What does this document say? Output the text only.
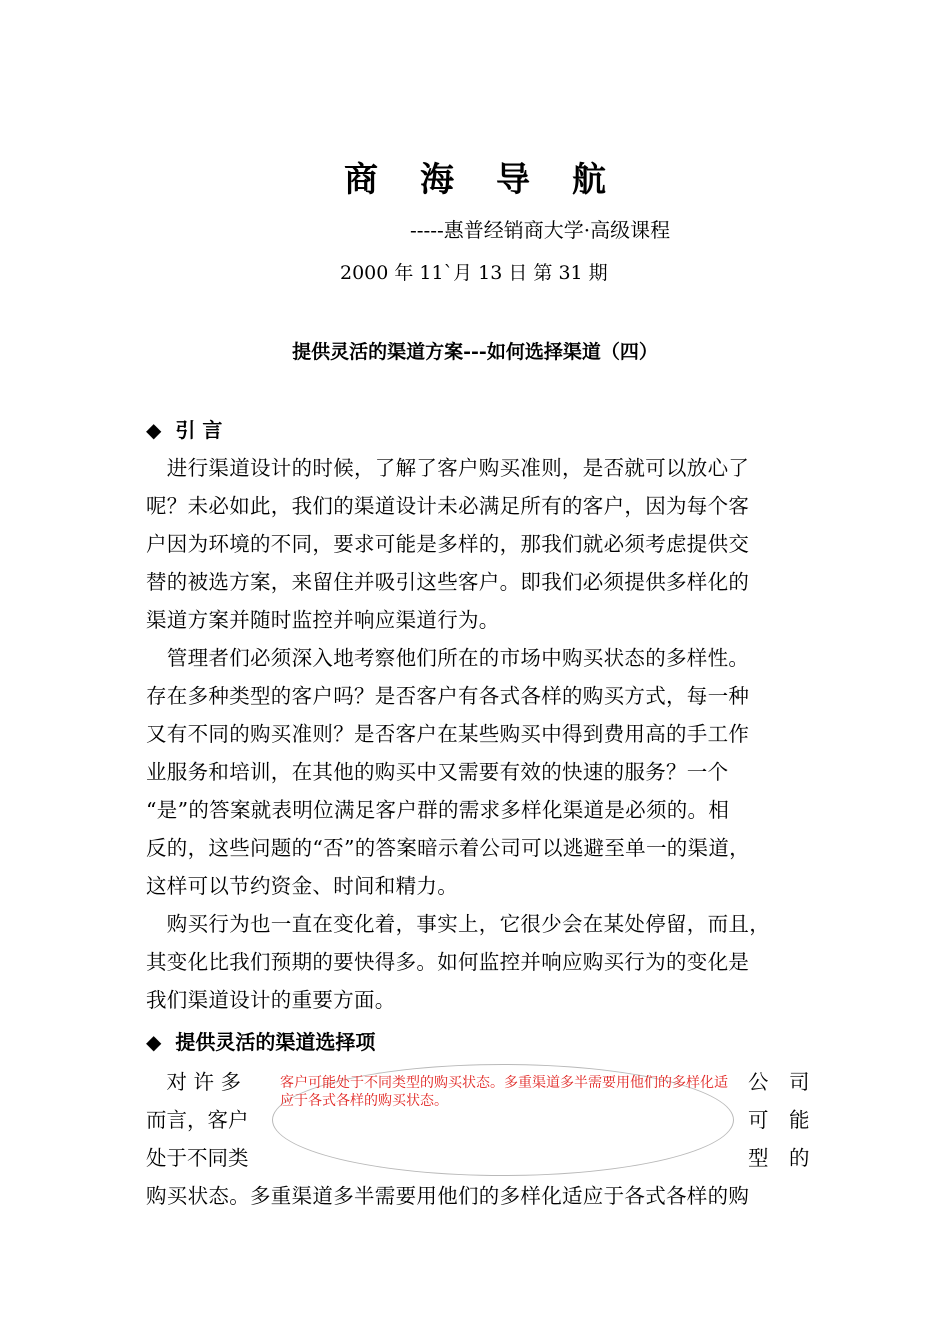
商 海 导 航
-----惠普经销商大学·高级课程
2000 年 11`月 13 日 第 31 期
提供灵活的渠道方案---如何选择渠道（四）
◆ 引 言
　进行渠道设计的时候，了解了客户购买准则，是否就可以放心了
呢？未必如此，我们的渠道设计未必满足所有的客户，因为每个客
户因为环境的不同，要求可能是多样的，那我们就必须考虑提供交
替的被选方案，来留住并吸引这些客户。即我们必须提供多样化的
渠道方案并随时监控并响应渠道行为。
　管理者们必须深入地考察他们所在的市场中购买状态的多样性。
存在多种类型的客户吗？是否客户有各式各样的购买方式，每一种
又有不同的购买准则？是否客户在某些购买中得到费用高的手工作
业服务和培训，在其他的购买中又需要有效的快速的服务？一个
“是”的答案就表明位满足客户群的需求多样化渠道是必须的。相
反的，这些问题的“否”的答案暗示着公司可以逃避至单一的渠道，
这样可以节约资金、时间和精力。
　购买行为也一直在变化着，事实上，它很少会在某处停留，而且，
其变化比我们预期的要快得多。如何监控并响应购买行为的变化是
我们渠道设计的重要方面。
◆ 提供灵活的渠道选择项
　对 许 多
而言，客户
处于不同类
公　司
可　能
型　的
客户可能处于不同类型的购买状态。多重渠道多半需要用他们的多样化适应于各式各样的购买状态。
购买状态。多重渠道多半需要用他们的多样化适应于各式各样的购
